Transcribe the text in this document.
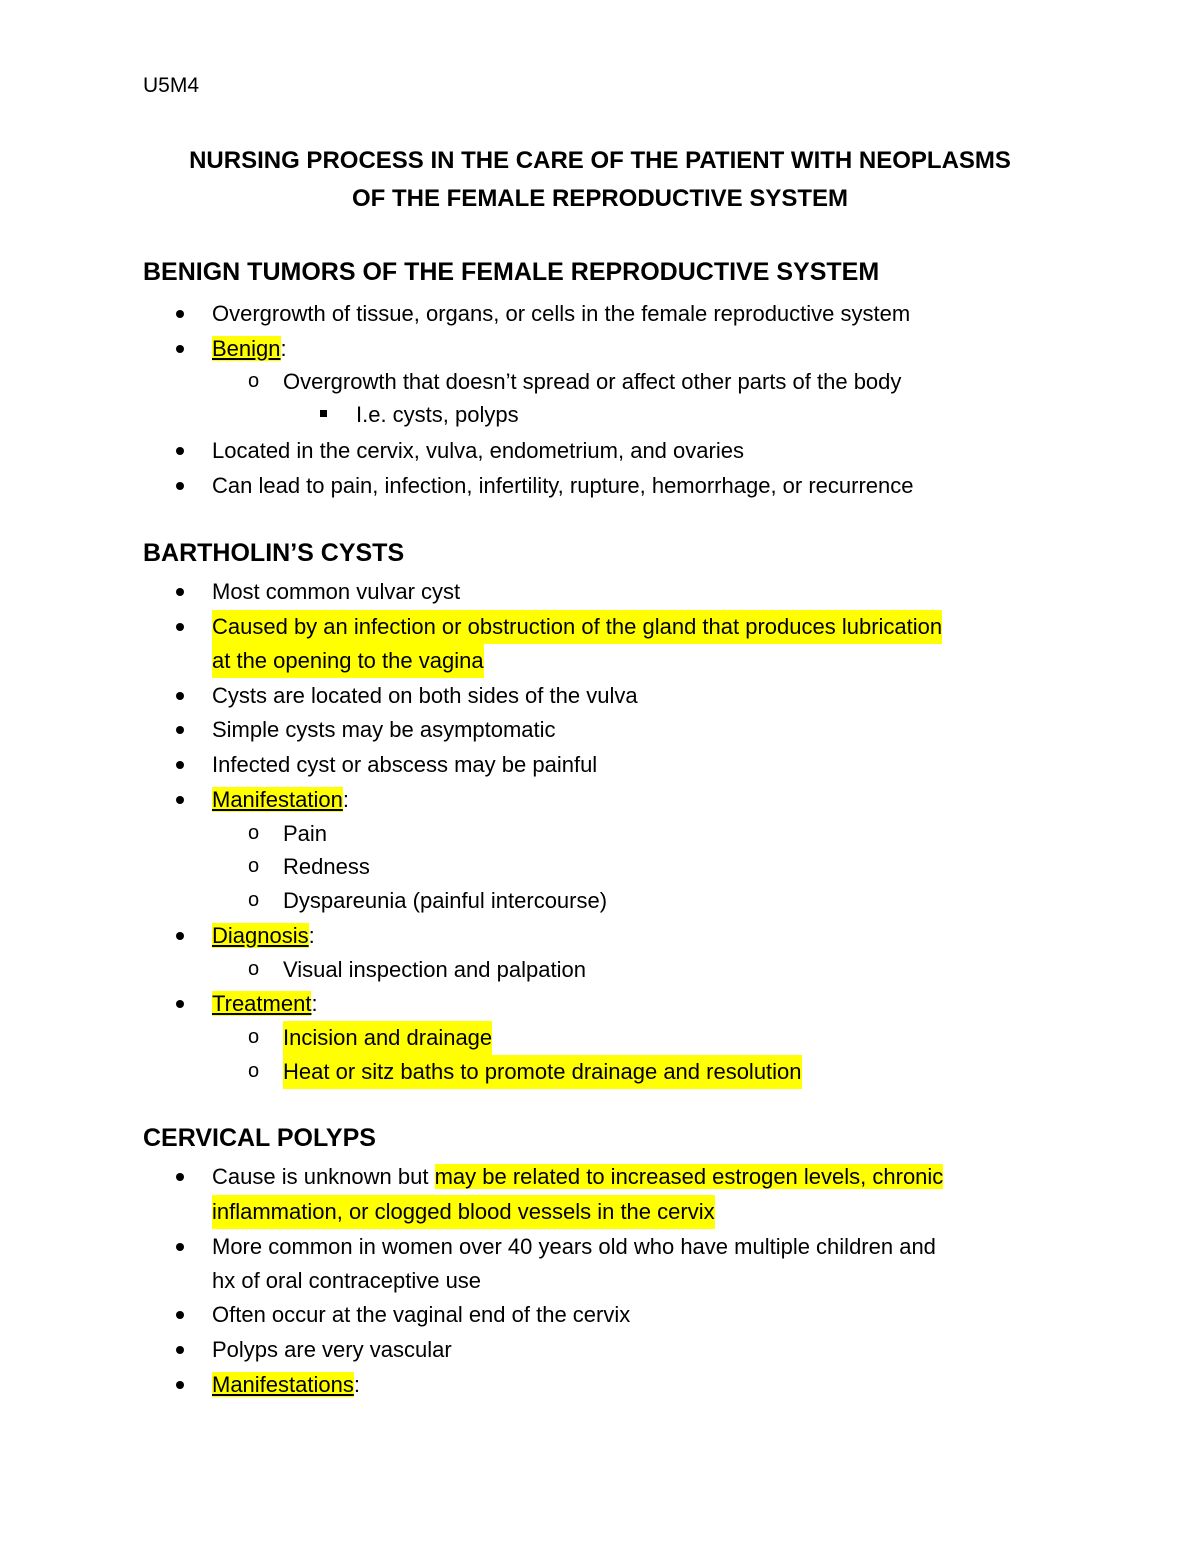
U5M4
NURSING PROCESS IN THE CARE OF THE PATIENT WITH NEOPLASMS
OF THE FEMALE REPRODUCTIVE SYSTEM
BENIGN TUMORS OF THE FEMALE REPRODUCTIVE SYSTEM
Overgrowth of tissue, organs, or cells in the female reproductive system
Benign:
o Overgrowth that doesn’t spread or affect other parts of the body
I.e. cysts, polyps
Located in the cervix, vulva, endometrium, and ovaries
Can lead to pain, infection, infertility, rupture, hemorrhage, or recurrence
BARTHOLIN’S CYSTS
Most common vulvar cyst
Caused by an infection or obstruction of the gland that produces lubrication
at the opening to the vagina
Cysts are located on both sides of the vulva
Simple cysts may be asymptomatic
Infected cyst or abscess may be painful
Manifestation:
o Pain
o Redness
o Dyspareunia (painful intercourse)
Diagnosis:
o Visual inspection and palpation
Treatment:
o Incision and drainage
o Heat or sitz baths to promote drainage and resolution
CERVICAL POLYPS
Cause is unknown but may be related to increased estrogen levels, chronic
inflammation, or clogged blood vessels in the cervix
More common in women over 40 years old who have multiple children and
hx of oral contraceptive use
Often occur at the vaginal end of the cervix
Polyps are very vascular
Manifestations:
